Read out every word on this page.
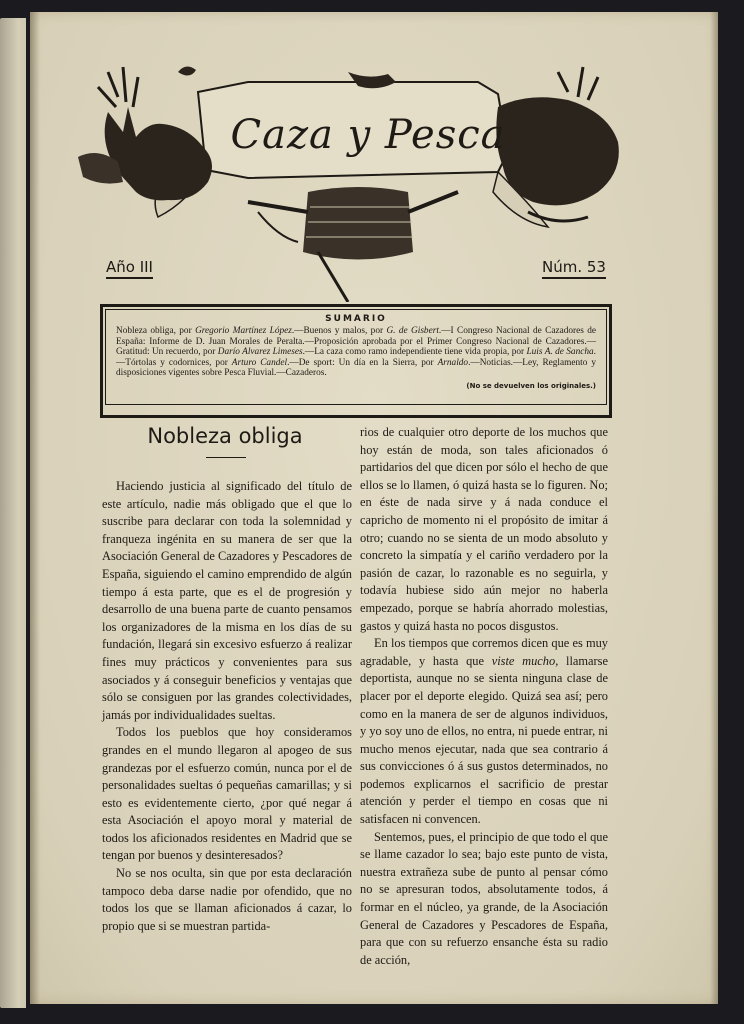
Caza y Pesca
Año III	Núm. 53
SUMARIO
Nobleza obliga, por Gregorio Martínez López.—Buenos y malos, por G. de Gisbert.—I Congreso Nacional de Cazadores de España: Informe de D. Juan Morales de Peralta.—Proposición aprobada por el Primer Congreso Nacional de Cazadores.—Gratitud: Un recuerdo, por Darío Alvarez Limeses.—La caza como ramo independiente tiene vida propia, por Luis A. de Sancha.—Tórtolas y codornices, por Arturo Candel.—De sport: Un día en la Sierra, por Arnaldo.—Noticias.—Ley, Reglamento y disposiciones vigentes sobre Pesca Fluvial.—Cazaderos.
(No se devuelven los originales.)
Nobleza obliga

Haciendo justicia al significado del título de este artículo, nadie más obligado que el que lo suscribe para declarar con toda la solemnidad y franqueza ingénita en su manera de ser que la Asociación General de Cazadores y Pescadores de España, siguiendo el camino emprendido de algún tiempo á esta parte, que es el de progresión y desarrollo de una buena parte de cuanto pensamos los organizadores de la misma en los días de su fundación, llegará sin excesivo esfuerzo á realizar fines muy prácticos y convenientes para sus asociados y á conseguir beneficios y ventajas que sólo se consiguen por las grandes colectividades, jamás por individualidades sueltas.

Todos los pueblos que hoy consideramos grandes en el mundo llegaron al apogeo de sus grandezas por el esfuerzo común, nunca por el de personalidades sueltas ó pequeñas camarillas; y si esto es evidentemente cierto, ¿por qué negar á esta Asociación el apoyo moral y material de todos los aficionados residentes en Madrid que se tengan por buenos y desinteresados?

No se nos oculta, sin que por esta declaración tampoco deba darse nadie por ofendido, que no todos los que se llaman aficionados á cazar, lo propio que si se muestran partida-

rios de cualquier otro deporte de los muchos que hoy están de moda, son tales aficionados ó partidarios del que dicen por sólo el hecho de que ellos se lo llamen, ó quizá hasta se lo figuren. No; en éste de nada sirve y á nada conduce el capricho de momento ni el propósito de imitar á otro; cuando no se sienta de un modo absoluto y concreto la simpatía y el cariño verdadero por la pasión de cazar, lo razonable es no seguirla, y todavía hubiese sido aún mejor no haberla empezado, porque se habría ahorrado molestias, gastos y quizá hasta no pocos disgustos.

En los tiempos que corremos dicen que es muy agradable, y hasta que viste mucho, llamarse deportista, aunque no se sienta ninguna clase de placer por el deporte elegido. Quizá sea así; pero como en la manera de ser de algunos individuos, y yo soy uno de ellos, no entra, ni puede entrar, ni mucho menos ejecutar, nada que sea contrario á sus convicciones ó á sus gustos determinados, no podemos explicarnos el sacrificio de prestar atención y perder el tiempo en cosas que ni satisfacen ni convencen.

Sentemos, pues, el principio de que todo el que se llame cazador lo sea; bajo este punto de vista, nuestra extrañeza sube de punto al pensar cómo no se apresuran todos, absolutamente todos, á formar en el núcleo, ya grande, de la Asociación General de Cazadores y Pescadores de España, para que con su refuerzo ensanche ésta su radio de acción,
